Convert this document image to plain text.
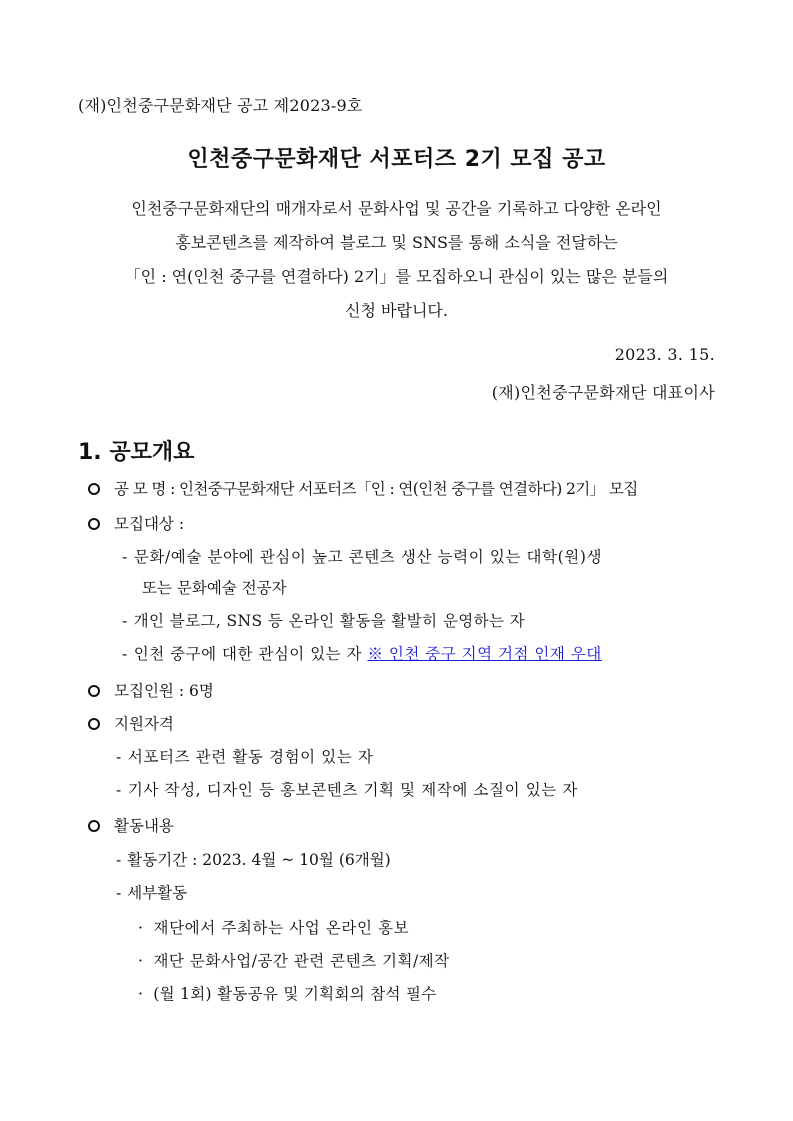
(재)인천중구문화재단 공고 제2023-9호
인천중구문화재단 서포터즈 2기 모집 공고
인천중구문화재단의 매개자로서 문화사업 및 공간을 기록하고 다양한 온라인
홍보콘텐츠를 제작하여 블로그 및 SNS를 통해 소식을 전달하는
「인 : 연(인천 중구를 연결하다) 2기」를 모집하오니 관심이 있는 많은 분들의
신청 바랍니다.
2023. 3. 15.
(재)인천중구문화재단 대표이사
1. 공모개요
공 모 명 : 인천중구문화재단 서포터즈「인 : 연(인천 중구를 연결하다) 2기」 모집
모집대상 :
- 문화/예술 분야에 관심이 높고 콘텐츠 생산 능력이 있는 대학(원)생
또는 문화예술 전공자
- 개인 블로그, SNS 등 온라인 활동을 활발히 운영하는 자
- 인천 중구에 대한 관심이 있는 자 ※ 인천 중구 지역 거점 인재 우대
모집인원 : 6명
지원자격
- 서포터즈 관련 활동 경험이 있는 자
- 기사 작성, 디자인 등 홍보콘텐츠 기획 및 제작에 소질이 있는 자
활동내용
- 활동기간 : 2023. 4월 ~ 10월 (6개월)
- 세부활동
· 재단에서 주최하는 사업 온라인 홍보
· 재단 문화사업/공간 관련 콘텐츠 기획/제작
· (월 1회) 활동공유 및 기획회의 참석 필수
